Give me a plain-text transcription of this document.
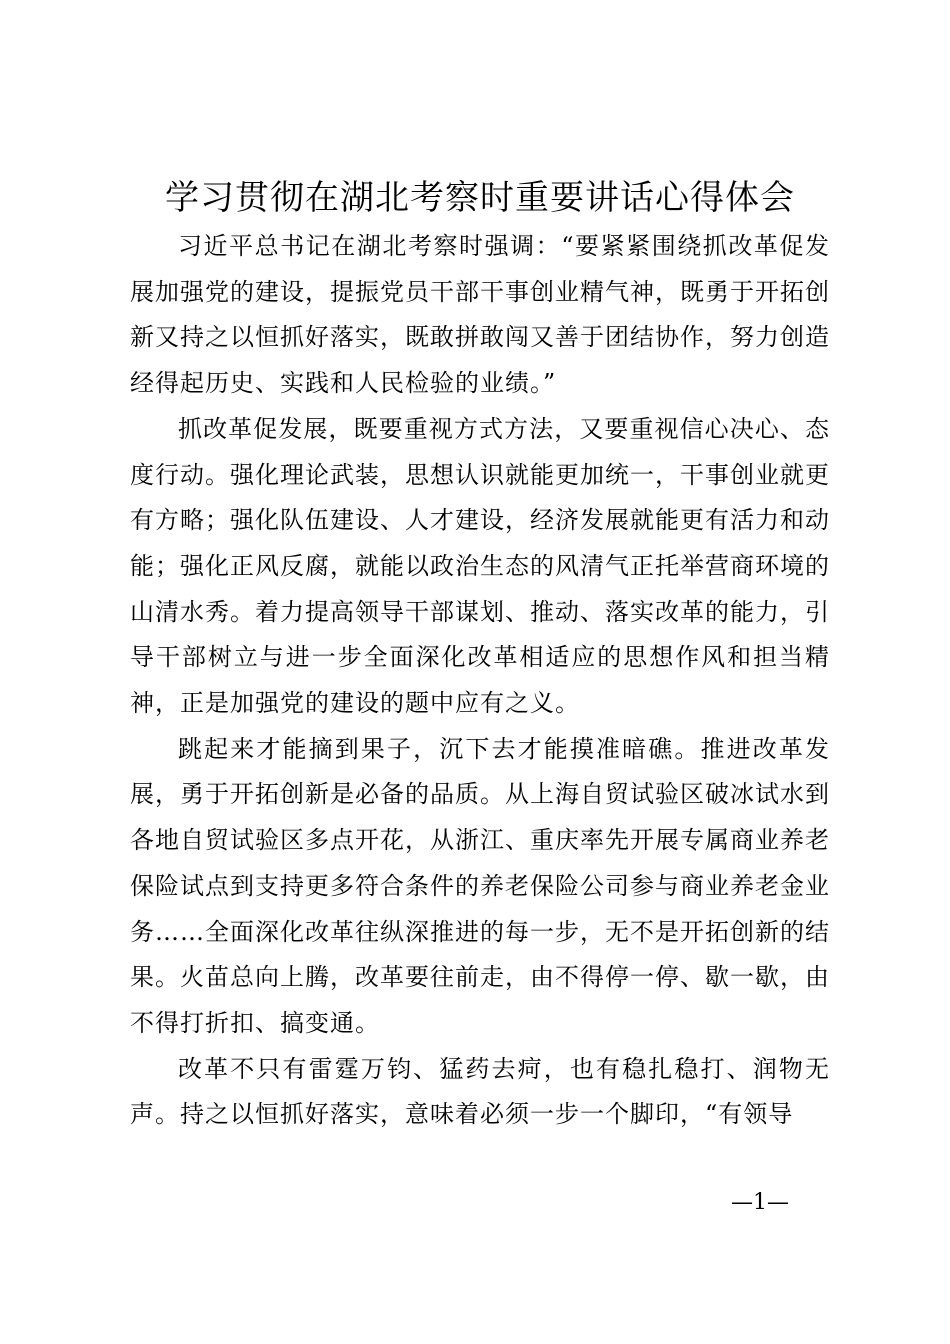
学习贯彻在湖北考察时重要讲话心得体会

习近平总书记在湖北考察时强调：“要紧紧围绕抓改革促发展加强党的建设，提振党员干部干事创业精气神，既勇于开拓创新又持之以恒抓好落实，既敢拼敢闯又善于团结协作，努力创造经得起历史、实践和人民检验的业绩。”

抓改革促发展，既要重视方式方法，又要重视信心决心、态度行动。强化理论武装，思想认识就能更加统一，干事创业就更有方略；强化队伍建设、人才建设，经济发展就能更有活力和动能；强化正风反腐，就能以政治生态的风清气正托举营商环境的山清水秀。着力提高领导干部谋划、推动、落实改革的能力，引导干部树立与进一步全面深化改革相适应的思想作风和担当精神，正是加强党的建设的题中应有之义。

跳起来才能摘到果子，沉下去才能摸准暗礁。推进改革发展，勇于开拓创新是必备的品质。从上海自贸试验区破冰试水到各地自贸试验区多点开花，从浙江、重庆率先开展专属商业养老保险试点到支持更多符合条件的养老保险公司参与商业养老金业务……全面深化改革往纵深推进的每一步，无不是开拓创新的结果。火苗总向上腾，改革要往前走，由不得停一停、歇一歇，由不得打折扣、搞变通。

改革不只有雷霆万钧、猛药去疴，也有稳扎稳打、润物无声。持之以恒抓好落实，意味着必须一步一个脚印，“有领导

—1—
